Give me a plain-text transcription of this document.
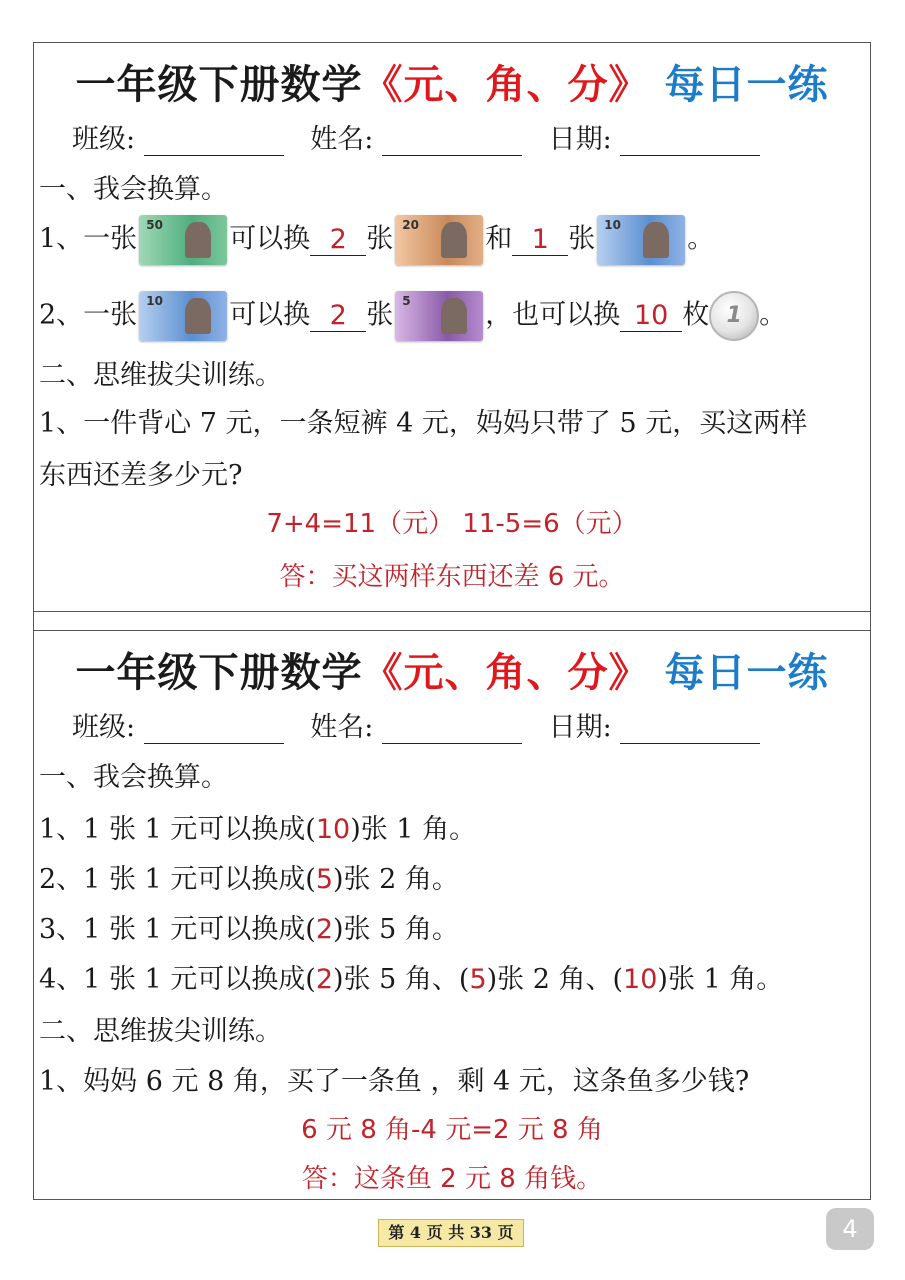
一年级下册数学《元、角、分》 每日一练
班级:	姓名:	日期:
一、我会换算。
1、一张 50 可以换 2 张 20 和 1 张 10 。
2、一张 10 可以换 2 张 5	，也可以换 10 枚 1 。
二、思维拔尖训练。
1、一件背心 7 元，一条短裤 4 元，妈妈只带了 5 元，买这两样
东西还差多少元?
7+4=11（元） 11-5=6（元）
答：买这两样东西还差 6 元。
一年级下册数学《元、角、分》 每日一练
班级:	姓名:	日期:
一、我会换算。
1、1 张 1 元可以换成(10)张 1 角。
2、1 张 1 元可以换成(5)张 2 角。
3、1 张 1 元可以换成(2)张 5 角。
4、1 张 1 元可以换成(2)张 5 角、(5)张 2 角、(10)张 1 角。
二、思维拔尖训练。
1、妈妈 6 元 8 角，买了一条鱼 ，剩 4 元，这条鱼多少钱?
6 元 8 角-4 元=2 元 8 角
答：这条鱼 2 元 8 角钱。
第 4 页 共 33 页	4
